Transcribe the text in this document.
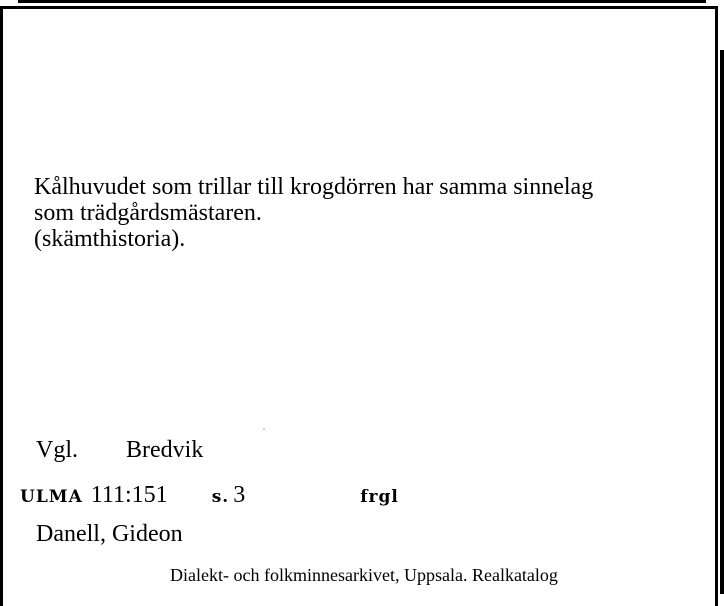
Kålhuvudet som trillar till krogdörren har samma sinnelag
som trädgårdsmästaren.
(skämthistoria).
Vgl. Bredvik
ULMA 111:151	s. 3	frgl
Danell, Gideon
Dialekt- och folkminnesarkivet, Uppsala. Realkatalog
